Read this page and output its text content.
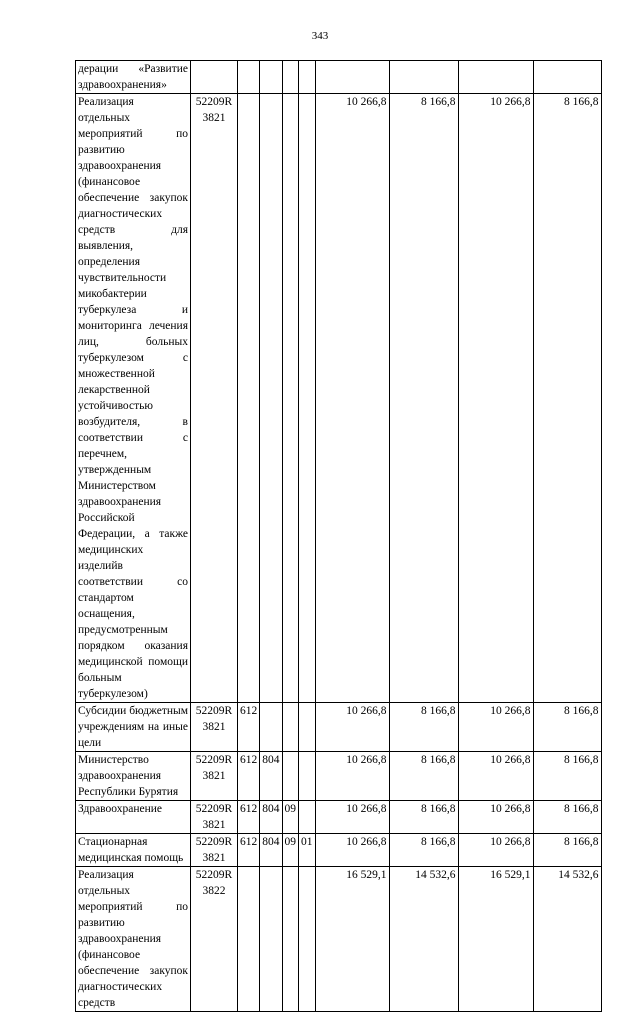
343
дерации «Развитие здравоохранения»									
Реализация отдельных мероприятий по развитию здравоохранения (финансовое обеспечение закупок диагностических средств для выявления, определения чувствительности микобактерии туберкулеза и мониторинга лечения лиц, больных туберкулезом с множественной лекарственной устойчивостью возбудителя, в соответствии с перечнем, утвержденным Министерством здравоохранения Российской Федерации, а также медицинских изделийв соответствии со стандартом оснащения, предусмотренным порядком оказания медицинской помощи больным туберкулезом)	52209R 3821					10 266,8	8 166,8	10 266,8	8 166,8
Субсидии бюджетным учреждениям на иные цели	52209R 3821	612				10 266,8	8 166,8	10 266,8	8 166,8
Министерство здравоохранения Республики Бурятия	52209R 3821	612	804			10 266,8	8 166,8	10 266,8	8 166,8
Здравоохранение	52209R 3821	612	804	09		10 266,8	8 166,8	10 266,8	8 166,8
Стационарная медицинская помощь	52209R 3821	612	804	09	01	10 266,8	8 166,8	10 266,8	8 166,8
Реализация отдельных мероприятий по развитию здравоохранения (финансовое обеспечение закупок диагностических средств	52209R 3822					16 529,1	14 532,6	16 529,1	14 532,6
